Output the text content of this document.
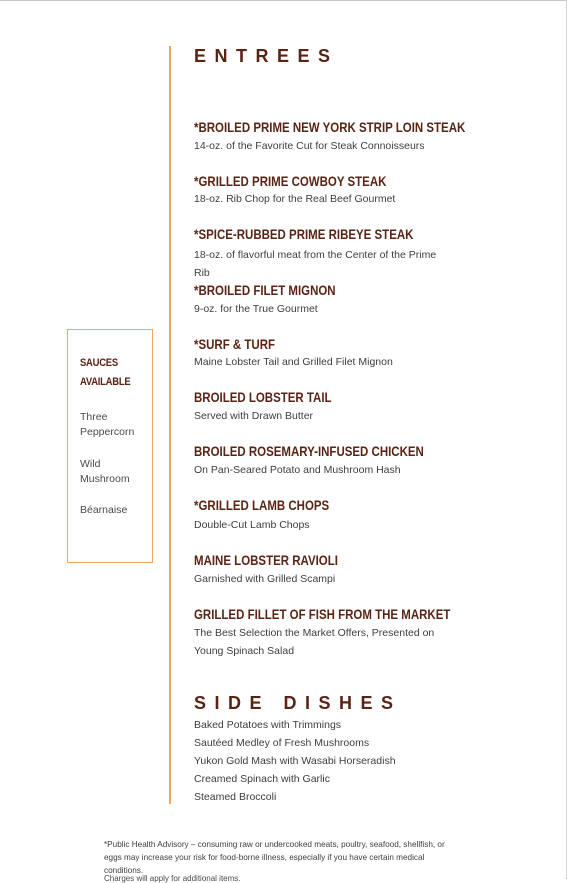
ENTREES
*BROILED PRIME NEW YORK STRIP LOIN STEAK
14-oz. of the Favorite Cut for Steak Connoisseurs
*GRILLED PRIME COWBOY STEAK
18-oz. Rib Chop for the Real Beef Gourmet
*SPICE-RUBBED PRIME RIBEYE STEAK
18-oz. of flavorful meat from the Center of the Prime Rib
*BROILED FILET MIGNON
9-oz. for the True Gourmet
*SURF & TURF
Maine Lobster Tail and Grilled Filet Mignon
BROILED LOBSTER TAIL
Served with Drawn Butter
BROILED ROSEMARY-INFUSED CHICKEN
On Pan-Seared Potato and Mushroom Hash
*GRILLED LAMB CHOPS
Double-Cut Lamb Chops
MAINE LOBSTER RAVIOLI
Garnished with Grilled Scampi
GRILLED FILLET OF FISH FROM THE MARKET
The Best Selection the Market Offers, Presented on Young Spinach Salad
SAUCES
AVAILABLE
Three Peppercorn
Wild Mushroom
Béarnaise
SIDE DISHES
Baked Potatoes with Trimmings
Sautéed Medley of Fresh Mushrooms
Yukon Gold Mash with Wasabi Horseradish
Creamed Spinach with Garlic
Steamed Broccoli
*Public Health Advisory – consuming raw or undercooked meats, poultry, seafood, shellfish, or eggs may increase your risk for food-borne illness, especially if you have certain medical conditions.
Charges will apply for additional items.
